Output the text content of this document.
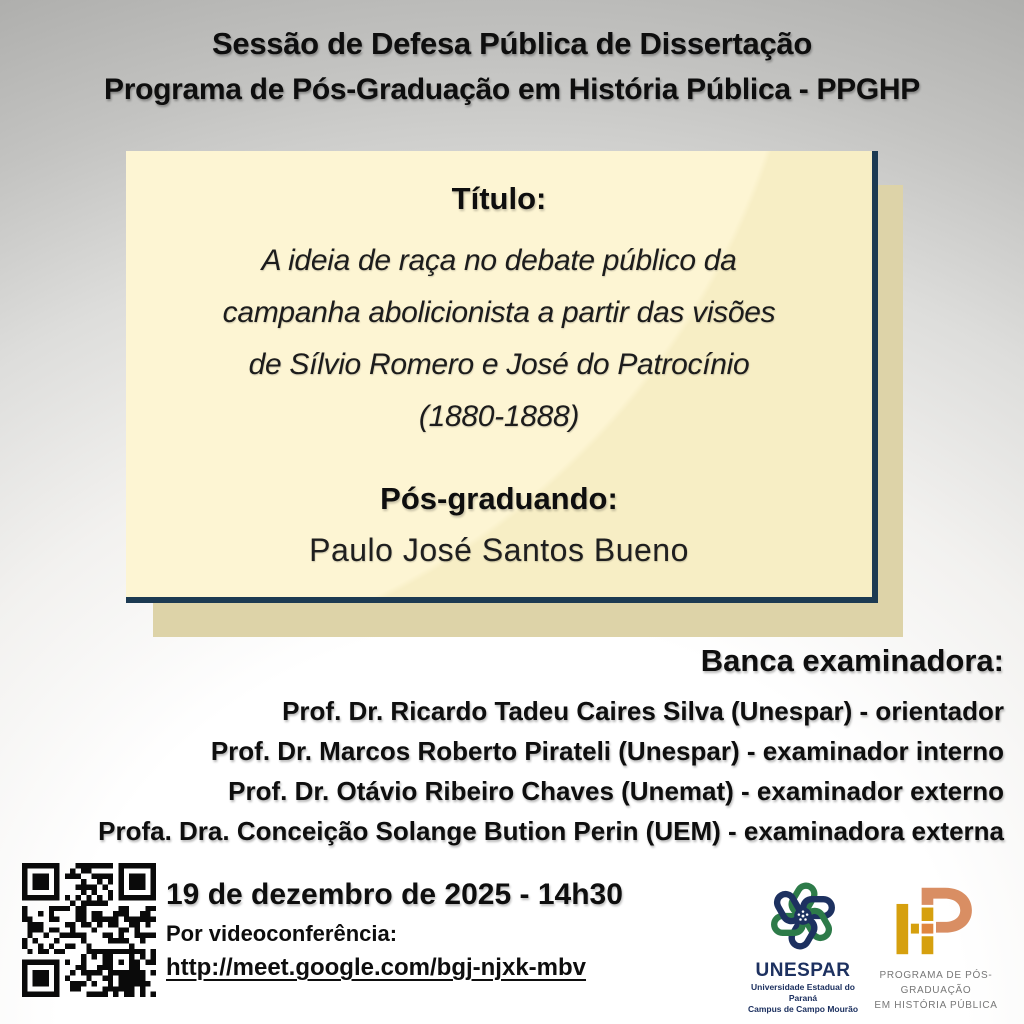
Sessão de Defesa Pública de Dissertação
Programa de Pós-Graduação em História Pública - PPGHP
Título:
A ideia de raça no debate público da
campanha abolicionista a partir das visões
de Sílvio Romero e José do Patrocínio
(1880-1888)
Pós-graduando:
Paulo José Santos Bueno
Banca examinadora:
Prof. Dr. Ricardo Tadeu Caires Silva (Unespar) - orientador
Prof. Dr. Marcos Roberto Pirateli (Unespar) - examinador interno
Prof. Dr. Otávio Ribeiro Chaves (Unemat) - examinador externo
Profa. Dra. Conceição Solange Bution Perin (UEM) - examinadora externa
19 de dezembro de 2025 - 14h30
Por videoconferência:
http://meet.google.com/bgj-njxk-mbv	UNESPAR
Universidade Estadual do Paraná
Campus de Campo Mourão
PROGRAMA DE PÓS-GRADUAÇÃO
EM HISTÓRIA PÚBLICA
